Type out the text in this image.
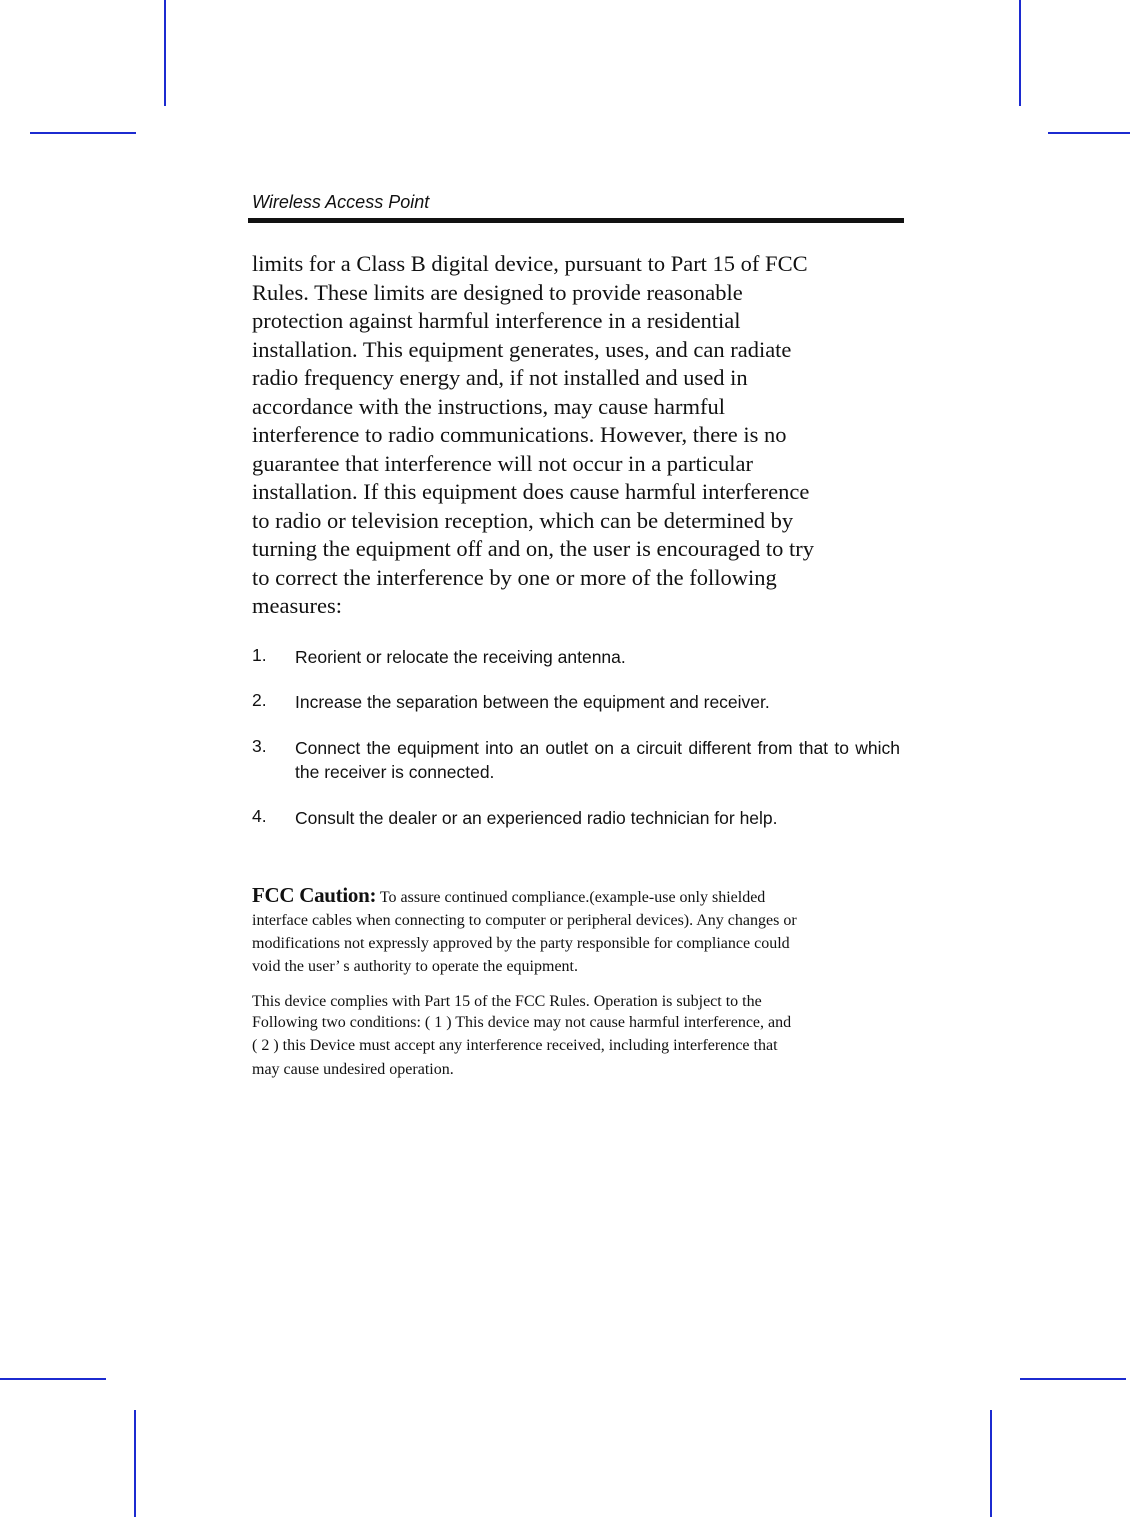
Wireless Access Point
limits for a Class B digital device, pursuant to Part 15 of FCC
Rules. These limits are designed to provide reasonable
protection against harmful interference in a residential
installation. This equipment generates, uses, and can radiate
radio frequency energy and, if not installed and used in
accordance with the instructions, may cause harmful
interference to radio communications. However, there is no
guarantee that interference will not occur in a particular
installation. If this equipment does cause harmful interference
to radio or television reception, which can be determined by
turning the equipment off and on, the user is encouraged to try
to correct the interference by one or more of the following
measures:
1. Reorient or relocate the receiving antenna.
2. Increase the separation between the equipment and receiver.
3. Connect the equipment into an outlet on a circuit different from that to which the receiver is connected.
4. Consult the dealer or an experienced radio technician for help.
FCC Caution: To assure continued compliance.(example-use only shielded
interface cables when connecting to computer or peripheral devices). Any changes or
modifications not expressly approved by the party responsible for compliance could
void the user’ s authority to operate the equipment.
This device complies with Part 15 of the FCC Rules. Operation is subject to the
Following two conditions: ( 1 ) This device may not cause harmful interference, and
( 2 ) this Device must accept any interference received, including interference that
may cause undesired operation.
